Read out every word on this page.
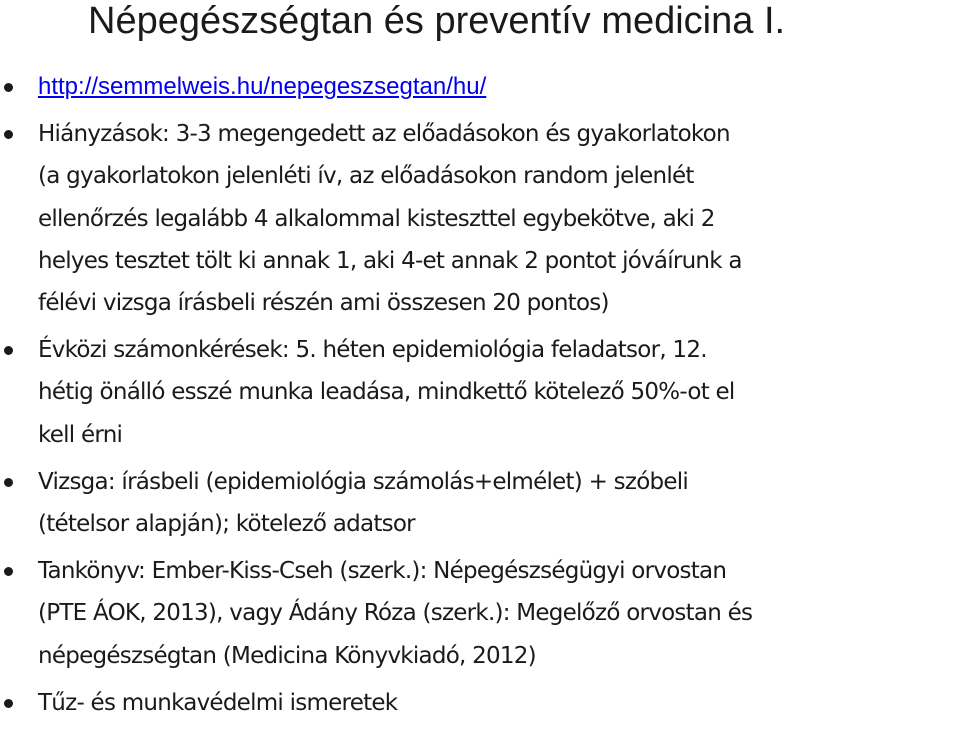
Népegészségtan és preventív medicina I.
http://semmelweis.hu/nepegeszsegtan/hu/
Hiányzások: 3-3 megengedett az előadásokon és gyakorlatokon
(a gyakorlatokon jelenléti ív, az előadásokon random jelenlét
ellenőrzés legalább 4 alkalommal kisteszttel egybekötve, aki 2
helyes tesztet tölt ki annak 1, aki 4-et annak 2 pontot jóváírunk a
félévi vizsga írásbeli részén ami összesen 20 pontos)
Évközi számonkérések: 5. héten epidemiológia feladatsor, 12.
hétig önálló esszé munka leadása, mindkettő kötelező 50%-ot el
kell érni
Vizsga: írásbeli (epidemiológia számolás+elmélet) + szóbeli
(tételsor alapján); kötelező adatsor
Tankönyv: Ember-Kiss-Cseh (szerk.): Népegészségügyi orvostan
(PTE ÁOK, 2013), vagy Ádány Róza (szerk.): Megelőző orvostan és
népegészségtan (Medicina Könyvkiadó, 2012)
Tűz- és munkavédelmi ismeretek
